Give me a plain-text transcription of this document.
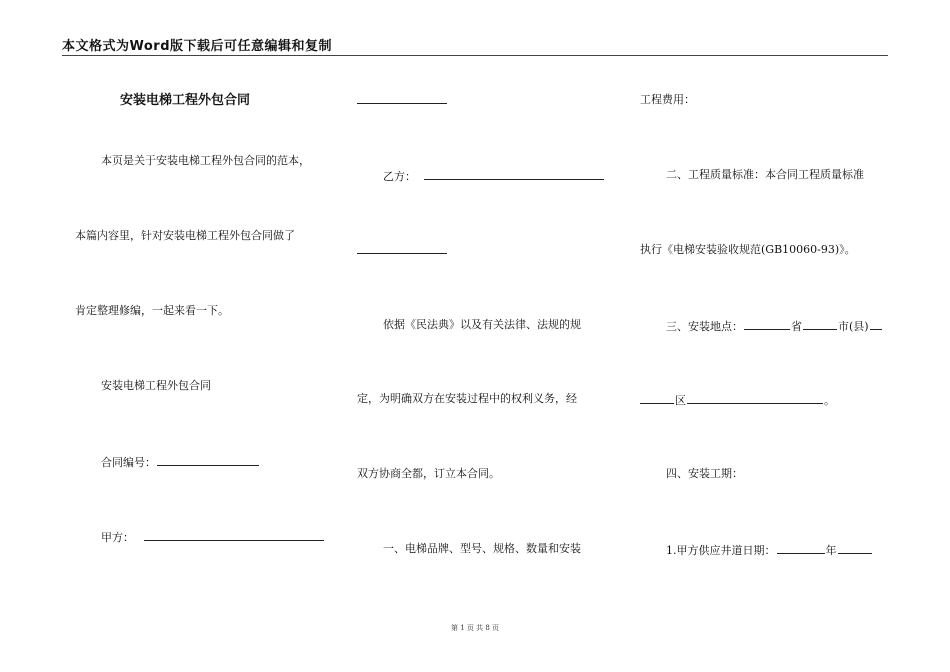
本文格式为Word版下载后可任意编辑和复制
安装电梯工程外包合同
本页是关于安装电梯工程外包合同的范本，
本篇内容里，针对安装电梯工程外包合同做了
肯定整理修编，一起来看一下。
安装电梯工程外包合同
合同编号：
甲方：
乙方：
依据《民法典》以及有关法律、法规的规
定，为明确双方在安装过程中的权利义务，经
双方协商全都，订立本合同。
一、电梯品牌、型号、规格、数量和安装
工程费用：
二、工程质量标准：本合同工程质量标准
执行《电梯安装验收规范(GB10060-93)》。
三、安装地点：	省	市(县)
区	。
四、安装工期：
1.甲方供应井道日期：	年
第 1 页 共 8 页
